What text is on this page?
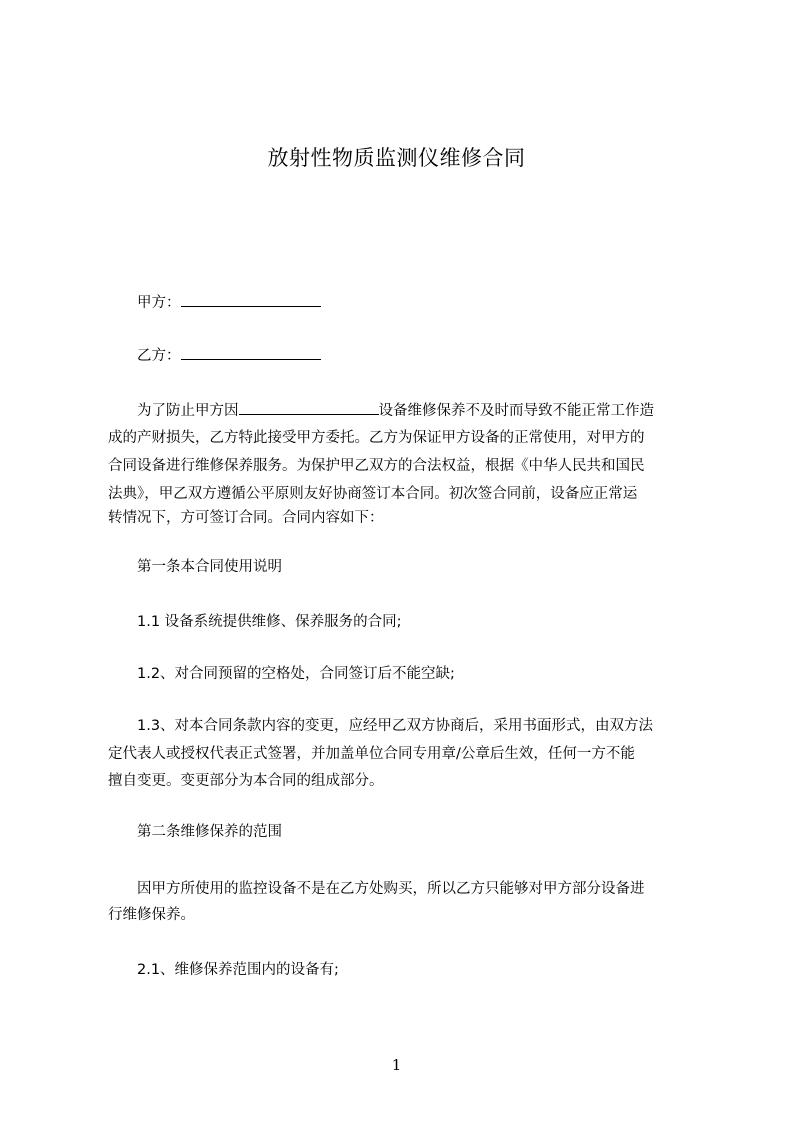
放射性物质监测仪维修合同
甲方：
乙方：
为了防止甲方因	设备维修保养不及时而导致不能正常工作造
成的产财损失，乙方特此接受甲方委托。乙方为保证甲方设备的正常使用，对甲方的
合同设备进行维修保养服务。为保护甲乙双方的合法权益，根据《中华人民共和国民
法典》，甲乙双方遵循公平原则友好协商签订本合同。初次签合同前，设备应正常运
转情况下，方可签订合同。合同内容如下：
第一条本合同使用说明
1.1 设备系统提供维修、保养服务的合同;
1.2、对合同预留的空格处，合同签订后不能空缺;
1.3、对本合同条款内容的变更，应经甲乙双方协商后，采用书面形式，由双方法
定代表人或授权代表正式签署，并加盖单位合同专用章/公章后生效，任何一方不能
擅自变更。变更部分为本合同的组成部分。
第二条维修保养的范围
因甲方所使用的监控设备不是在乙方处购买，所以乙方只能够对甲方部分设备进
行维修保养。
2.1、维修保养范围内的设备有;
1
